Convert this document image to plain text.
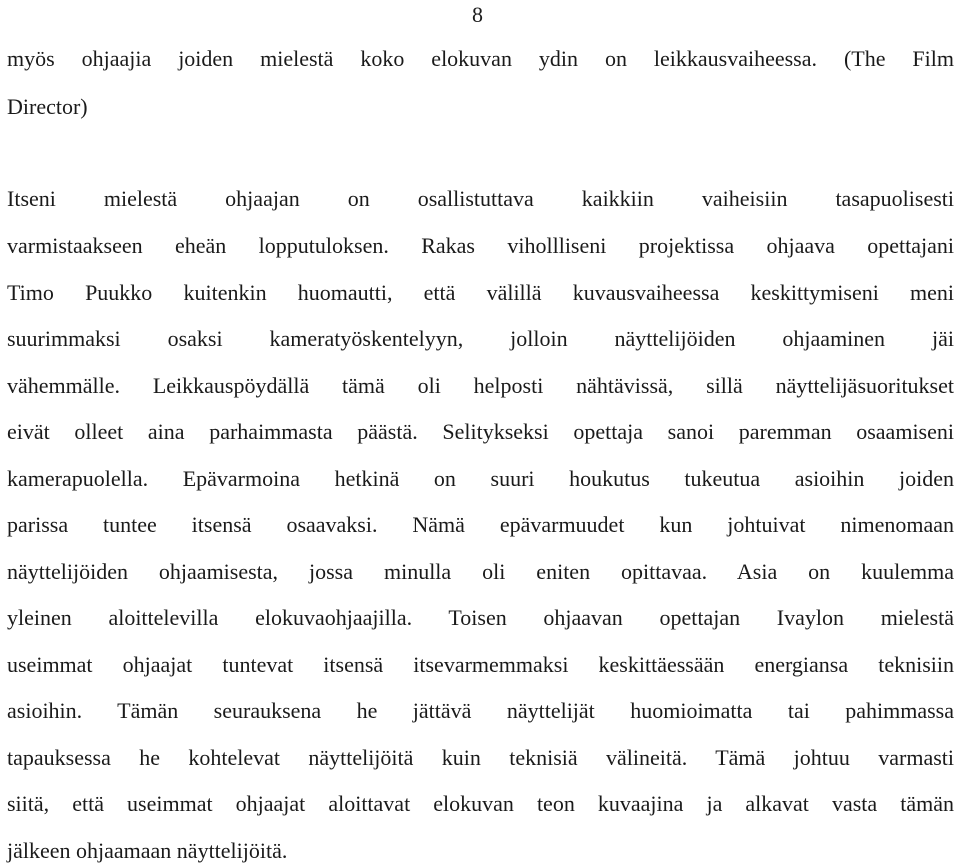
8
myös ohjaajia joiden mielestä koko elokuvan ydin on leikkausvaiheessa. (The Film
Director)
Itseni mielestä ohjaajan on osallistuttava kaikkiin vaiheisiin tasapuolisesti
varmistaakseen eheän lopputuloksen. Rakas vihollliseni projektissa ohjaava opettajani
Timo Puukko kuitenkin huomautti, että välillä kuvausvaiheessa keskittymiseni meni
suurimmaksi osaksi kameratyöskentelyyn, jolloin näyttelijöiden ohjaaminen jäi
vähemmälle. Leikkauspöydällä tämä oli helposti nähtävissä, sillä näyttelijäsuoritukset
eivät olleet aina parhaimmasta päästä. Selitykseksi opettaja sanoi paremman osaamiseni
kamerapuolella. Epävarmoina hetkinä on suuri houkutus tukeutua asioihin joiden
parissa tuntee itsensä osaavaksi. Nämä epävarmuudet kun johtuivat nimenomaan
näyttelijöiden ohjaamisesta, jossa minulla oli eniten opittavaa. Asia on kuulemma
yleinen aloittelevilla elokuvaohjaajilla. Toisen ohjaavan opettajan Ivaylon mielestä
useimmat ohjaajat tuntevat itsensä itsevarmemmaksi keskittäessään energiansa teknisiin
asioihin. Tämän seurauksena he jättävä näyttelijät huomioimatta tai pahimmassa
tapauksessa he kohtelevat näyttelijöitä kuin teknisiä välineitä. Tämä johtuu varmasti
siitä, että useimmat ohjaajat aloittavat elokuvan teon kuvaajina ja alkavat vasta tämän
jälkeen ohjaamaan näyttelijöitä.
